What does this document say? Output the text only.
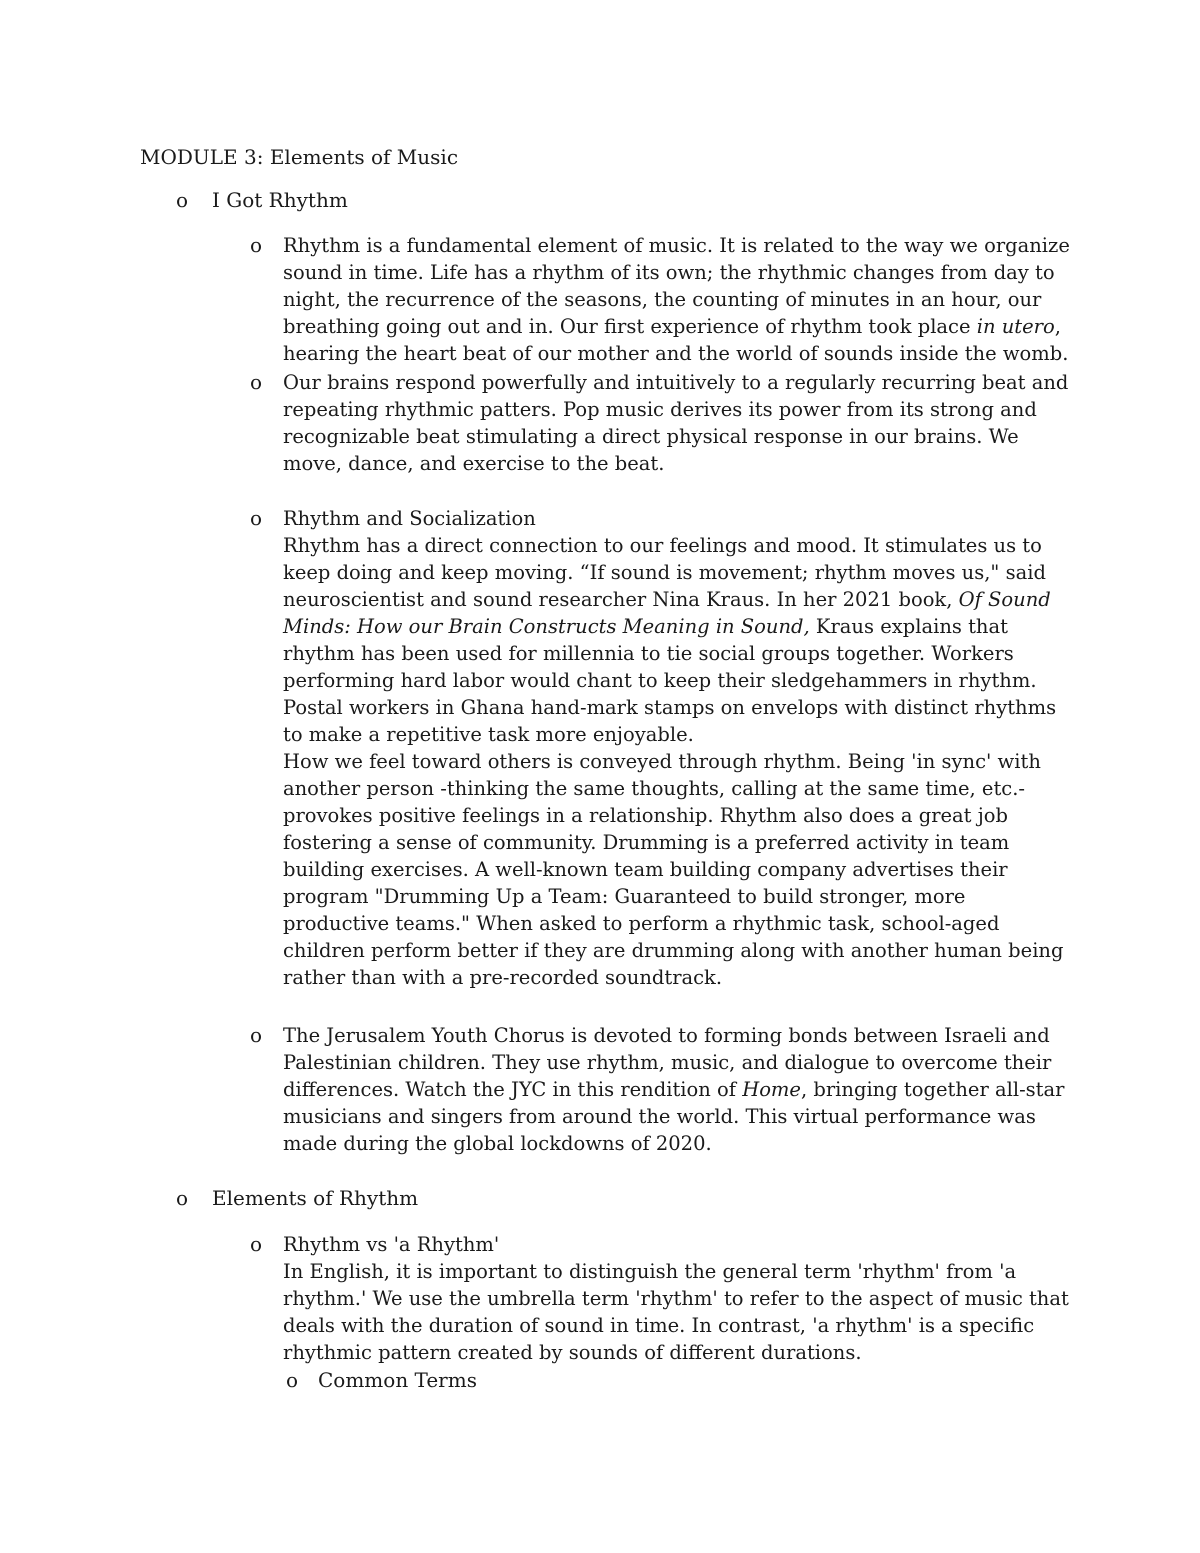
MODULE 3: Elements of Music
o I Got Rhythm
o Rhythm is a fundamental element of music. It is related to the way we organize sound in time. Life has a rhythm of its own; the rhythmic changes from day to night, the recurrence of the seasons, the counting of minutes in an hour, our breathing going out and in. Our first experience of rhythm took place in utero, hearing the heart beat of our mother and the world of sounds inside the womb.

o Our brains respond powerfully and intuitively to a regularly recurring beat and repeating rhythmic patters. Pop music derives its power from its strong and recognizable beat stimulating a direct physical response in our brains. We move, dance, and exercise to the beat.

o Rhythm and Socialization

Rhythm has a direct connection to our feelings and mood. It stimulates us to keep doing and keep moving. “If sound is movement; rhythm moves us," said neuroscientist and sound researcher Nina Kraus. In her 2021 book, Of Sound Minds: How our Brain Constructs Meaning in Sound, Kraus explains that rhythm has been used for millennia to tie social groups together. Workers performing hard labor would chant to keep their sledgehammers in rhythm. Postal workers in Ghana hand-mark stamps on envelops with distinct rhythms to make a repetitive task more enjoyable.

How we feel toward others is conveyed through rhythm. Being 'in sync' with another person -thinking the same thoughts, calling at the same time, etc.- provokes positive feelings in a relationship. Rhythm also does a great job fostering a sense of community. Drumming is a preferred activity in team building exercises. A well-known team building company advertises their program "Drumming Up a Team: Guaranteed to build stronger, more productive teams." When asked to perform a rhythmic task, school-aged children perform better if they are drumming along with another human being rather than with a pre-recorded soundtrack.

o The Jerusalem Youth Chorus is devoted to forming bonds between Israeli and Palestinian children. They use rhythm, music, and dialogue to overcome their differences. Watch the JYC in this rendition of Home, bringing together all-star musicians and singers from around the world. This virtual performance was made during the global lockdowns of 2020.

o Elements of Rhythm
o Rhythm vs 'a Rhythm'

In English, it is important to distinguish the general term 'rhythm' from 'a rhythm.' We use the umbrella term 'rhythm' to refer to the aspect of music that deals with the duration of sound in time. In contrast, 'a rhythm' is a specific rhythmic pattern created by sounds of different durations.

o Common Terms
